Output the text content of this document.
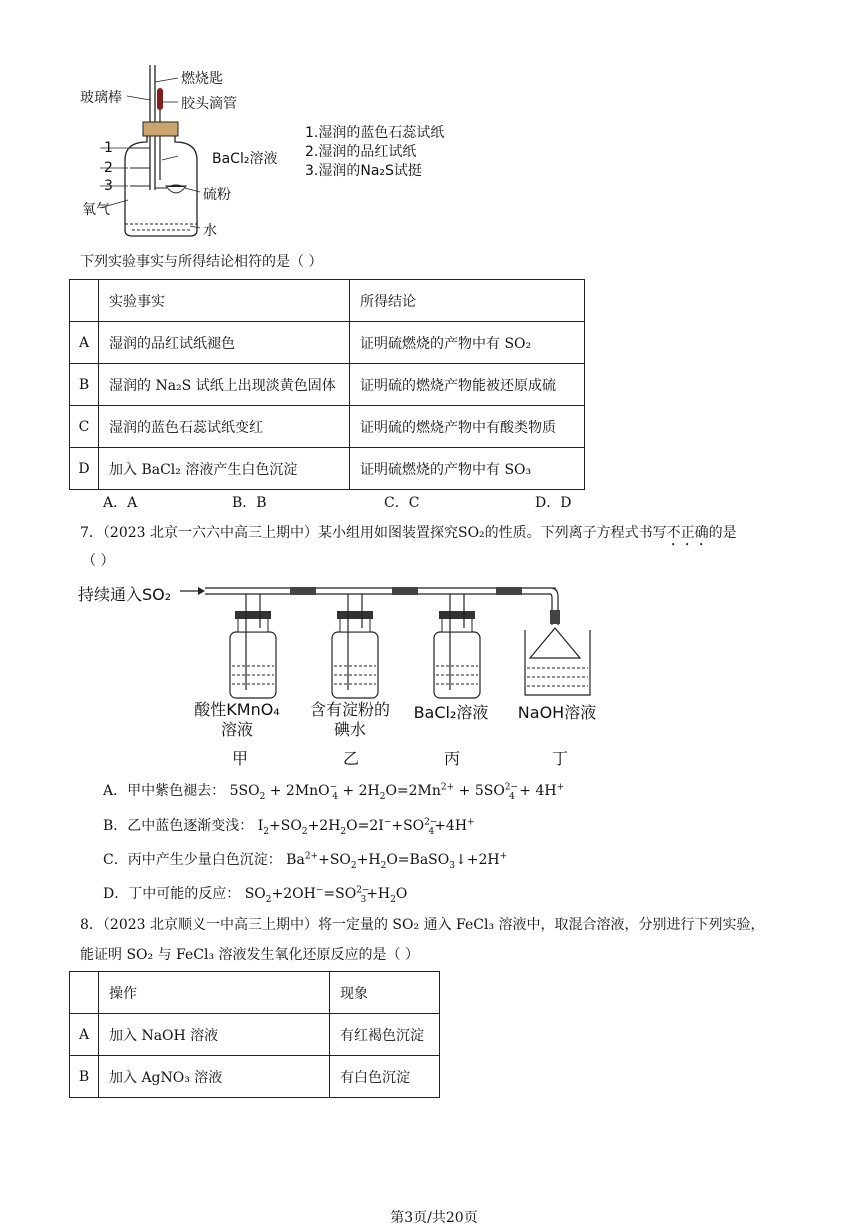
玻璃棒
燃烧匙
胶头滴管
1
2
3
氧气
BaCl₂溶液
硫粉
水
1.湿润的蓝色石蕊试纸
2.湿润的品红试纸
3.湿润的Na₂S试挺
下列实验事实与所得结论相符的是（ ）
	实验事实	所得结论
A	湿润的品红试纸褪色	证明硫燃烧的产物中有 SO₂
B	湿润的 Na₂S 试纸上出现淡黄色固体	证明硫的燃烧产物能被还原成硫
C	湿润的蓝色石蕊试纸变红	证明硫的燃烧产物中有酸类物质
D	加入 BaCl₂ 溶液产生白色沉淀	证明硫燃烧的产物中有 SO₃
A．A	B．B	C．C	D．D
7．（2023 北京一六六中高三上期中）某小组用如图装置探究SO₂的性质。下列离子方程式书写不正确的是
（ ）
持续通入SO₂
酸性KMnO₄
溶液
含有淀粉的
碘水
BaCl₂溶液	NaOH溶液
甲	乙	丙	丁
A．甲中紫色褪去： $5SO_2 + 2MnO^-_4 + 2H_2O=2Mn^{2+} + 5SO^{2-}_4 + 4H^+$
B．乙中蓝色逐渐变浅： $I_2+SO_2+2H_2O=2I^-+SO^{2-}_4+4H^+$
C．丙中产生少量白色沉淀： $Ba^{2+}+SO_2+H_2O=BaSO_3↓+2H^+$
D．丁中可能的反应： $SO_2+2OH^-=SO^{2-}_3+H_2O$
8．（2023 北京顺义一中高三上期中）将一定量的 SO₂ 通入 FeCl₃ 溶液中，取混合溶液，分别进行下列实验，
能证明 SO₂ 与 FeCl₃ 溶液发生氧化还原反应的是（ ）
	操作	现象
A	加入 NaOH 溶液	有红褐色沉淀
B	加入 AgNO₃ 溶液	有白色沉淀
第3页/共20页
